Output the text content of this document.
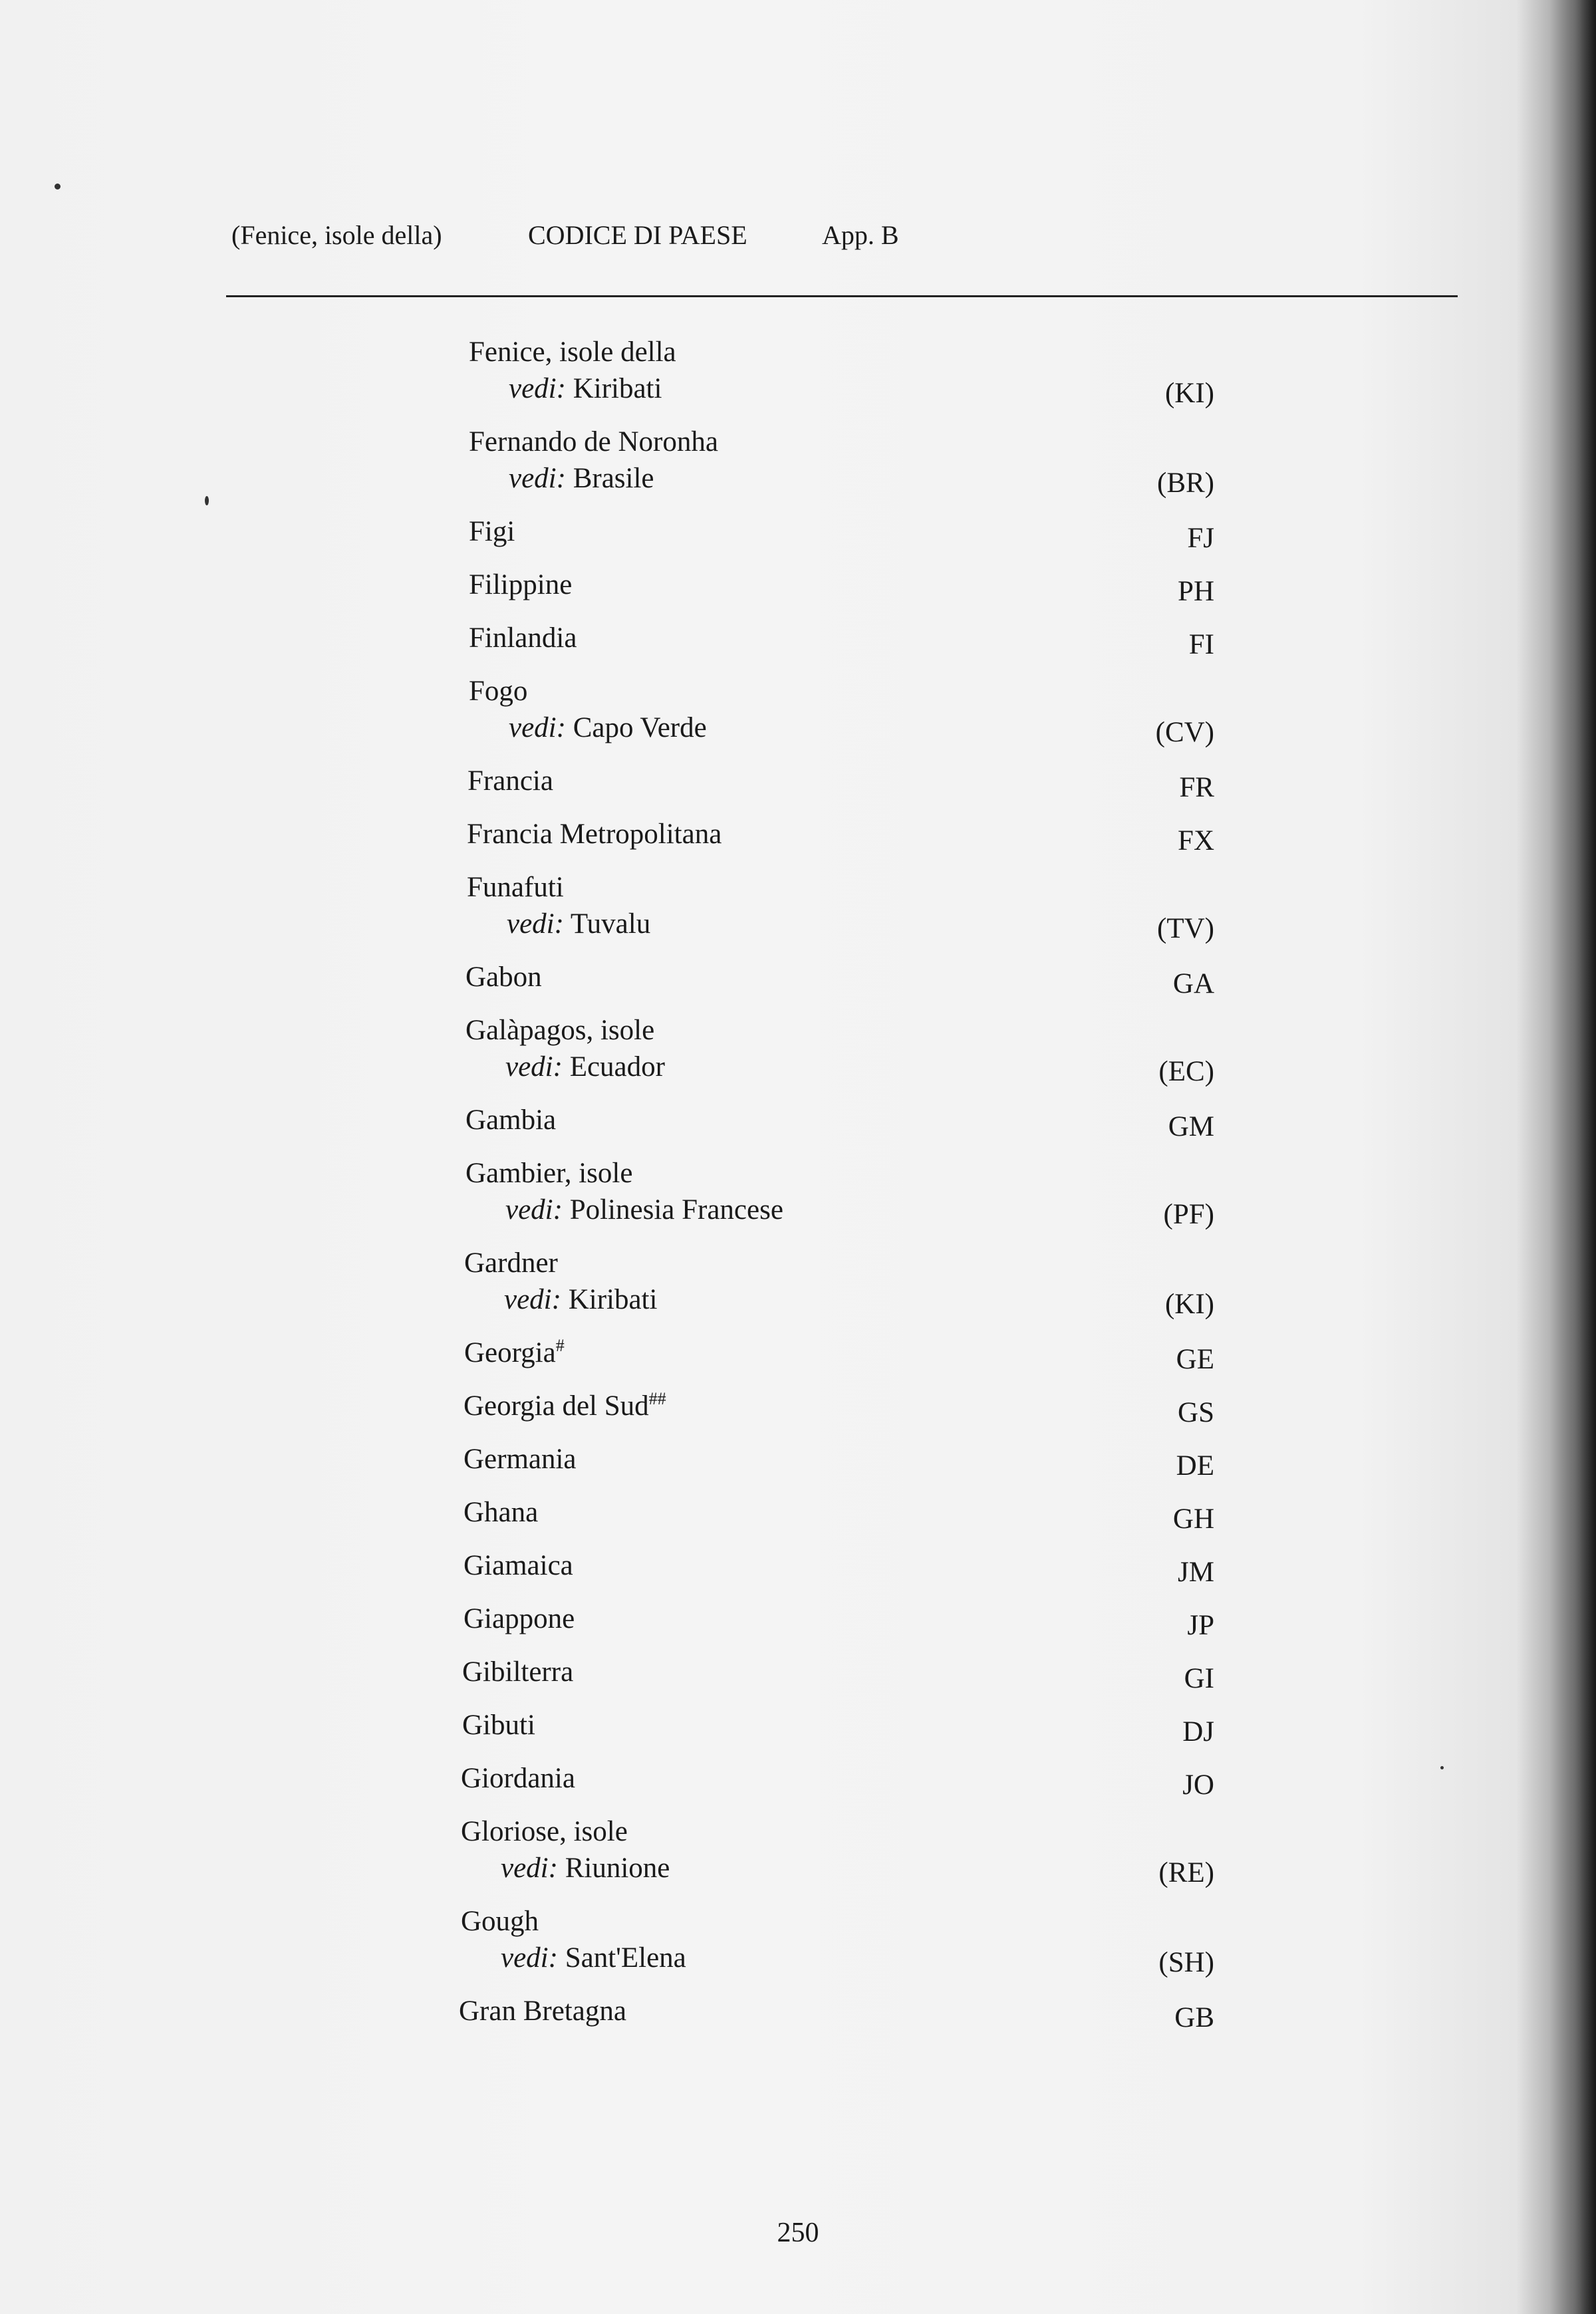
(Fenice, isole della)	CODICE DI PAESE	App. B
Fenice, isole della
vedi: Kiribati	(KI)
Fernando de Noronha
vedi: Brasile	(BR)
Figi	FJ
Filippine	PH
Finlandia	FI
Fogo
vedi: Capo Verde	(CV)
Francia	FR
Francia Metropolitana	FX
Funafuti
vedi: Tuvalu	(TV)
Gabon	GA
Galàpagos, isole
vedi: Ecuador	(EC)
Gambia	GM
Gambier, isole
vedi: Polinesia Francese	(PF)
Gardner
vedi: Kiribati	(KI)
Georgia#	GE
Georgia del Sud##	GS
Germania	DE
Ghana	GH
Giamaica	JM
Giappone	JP
Gibilterra	GI
Gibuti	DJ
Giordania	JO
Gloriose, isole
vedi: Riunione	(RE)
Gough
vedi: Sant'Elena	(SH)
Gran Bretagna	GB
250
